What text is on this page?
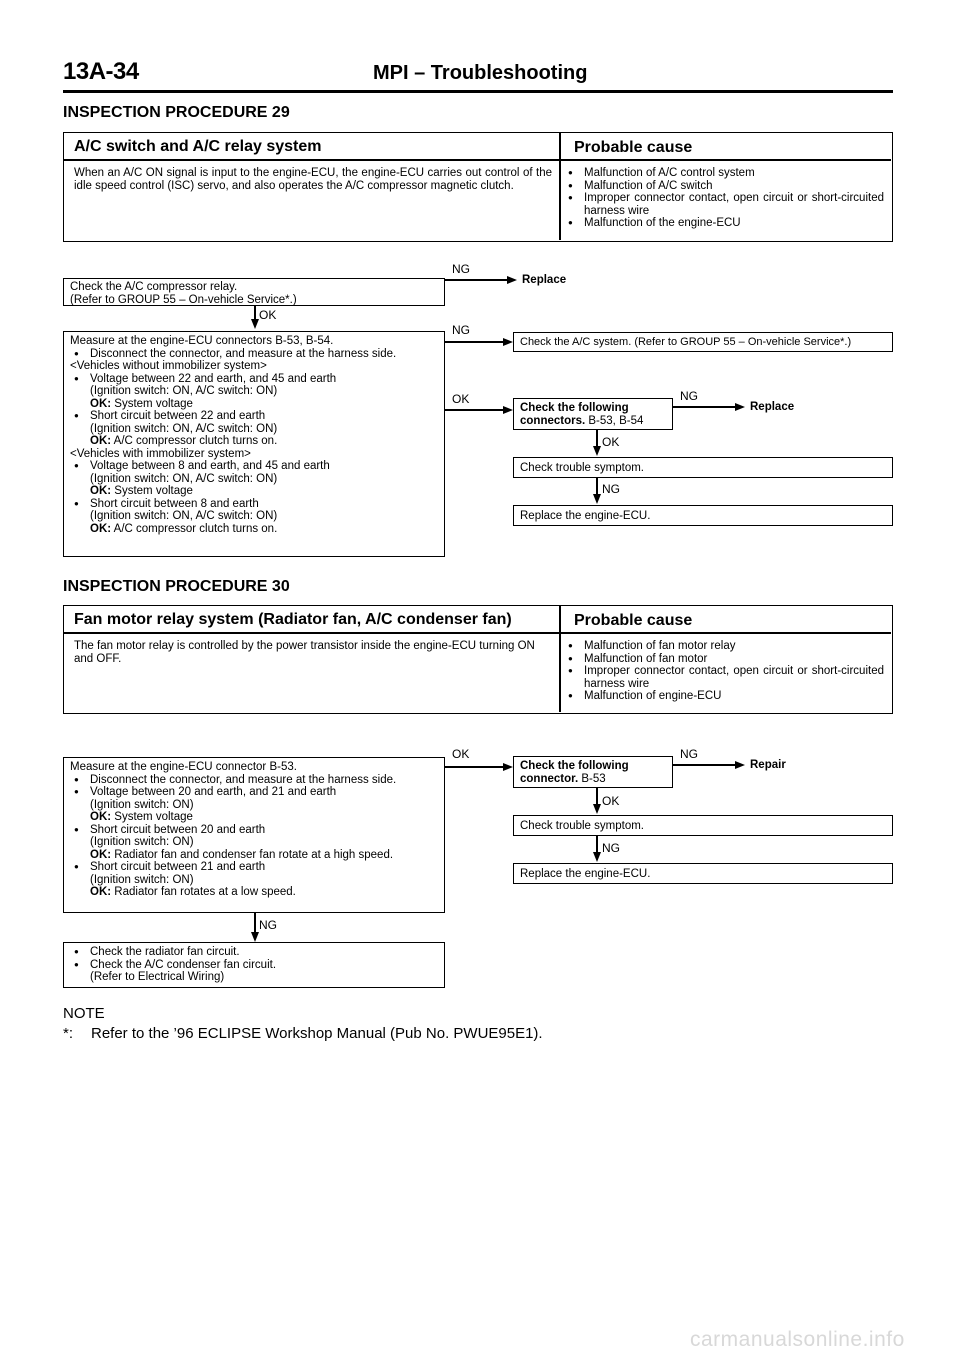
13A-34	MPI – Troubleshooting
INSPECTION PROCEDURE 29
A/C switch and A/C relay system	Probable cause
When an A/C ON signal is input to the engine-ECU, the engine-ECU carries out control of the idle speed control (ISC) servo, and also operates the A/C compressor magnetic clutch.
● Malfunction of A/C control system
● Malfunction of A/C switch
● Improper connector contact, open circuit or short-circuited harness wire
● Malfunction of the engine-ECU
Check the A/C compressor relay.
(Refer to GROUP 55 – On-vehicle Service*.)
NG
Replace
OK
Measure at the engine-ECU connectors B-53, B-54.
● Disconnect the connector, and measure at the harness side.
<Vehicles without immobilizer system>
● Voltage between 22 and earth, and 45 and earth
(Ignition switch: ON, A/C switch: ON)
OK: System voltage
● Short circuit between 22 and earth
(Ignition switch: ON, A/C switch: ON)
OK: A/C compressor clutch turns on.
<Vehicles with immobilizer system>
● Voltage between 8 and earth, and 45 and earth
(Ignition switch: ON, A/C switch: ON)
OK: System voltage
● Short circuit between 8 and earth
(Ignition switch: ON, A/C switch: ON)
OK: A/C compressor clutch turns on.
NG
Check the A/C system. (Refer to GROUP 55 – On-vehicle Service*.)
OK
Check the following
connectors. B-53, B-54
NG
Replace
OK
Check trouble symptom.
NG
Replace the engine-ECU.
INSPECTION PROCEDURE 30
Fan motor relay system (Radiator fan, A/C condenser fan)	Probable cause
The fan motor relay is controlled by the power transistor inside the engine-ECU turning ON and OFF.
● Malfunction of fan motor relay
● Malfunction of fan motor
● Improper connector contact, open circuit or short-circuited harness wire
● Malfunction of engine-ECU
Measure at the engine-ECU connector B-53.
● Disconnect the connector, and measure at the harness side.
● Voltage between 20 and earth, and 21 and earth
(Ignition switch: ON)
OK: System voltage
● Short circuit between 20 and earth
(Ignition switch: ON)
OK: Radiator fan and condenser fan rotate at a high speed.
● Short circuit between 21 and earth
(Ignition switch: ON)
OK: Radiator fan rotates at a low speed.
OK
Check the following
connector. B-53
NG
Repair
OK
Check trouble symptom.
NG
Replace the engine-ECU.
NG
● Check the radiator fan circuit.
● Check the A/C condenser fan circuit.
(Refer to Electrical Wiring)
NOTE
*: Refer to the ’96 ECLIPSE Workshop Manual (Pub No. PWUE95E1).
carmanualsonline.info
